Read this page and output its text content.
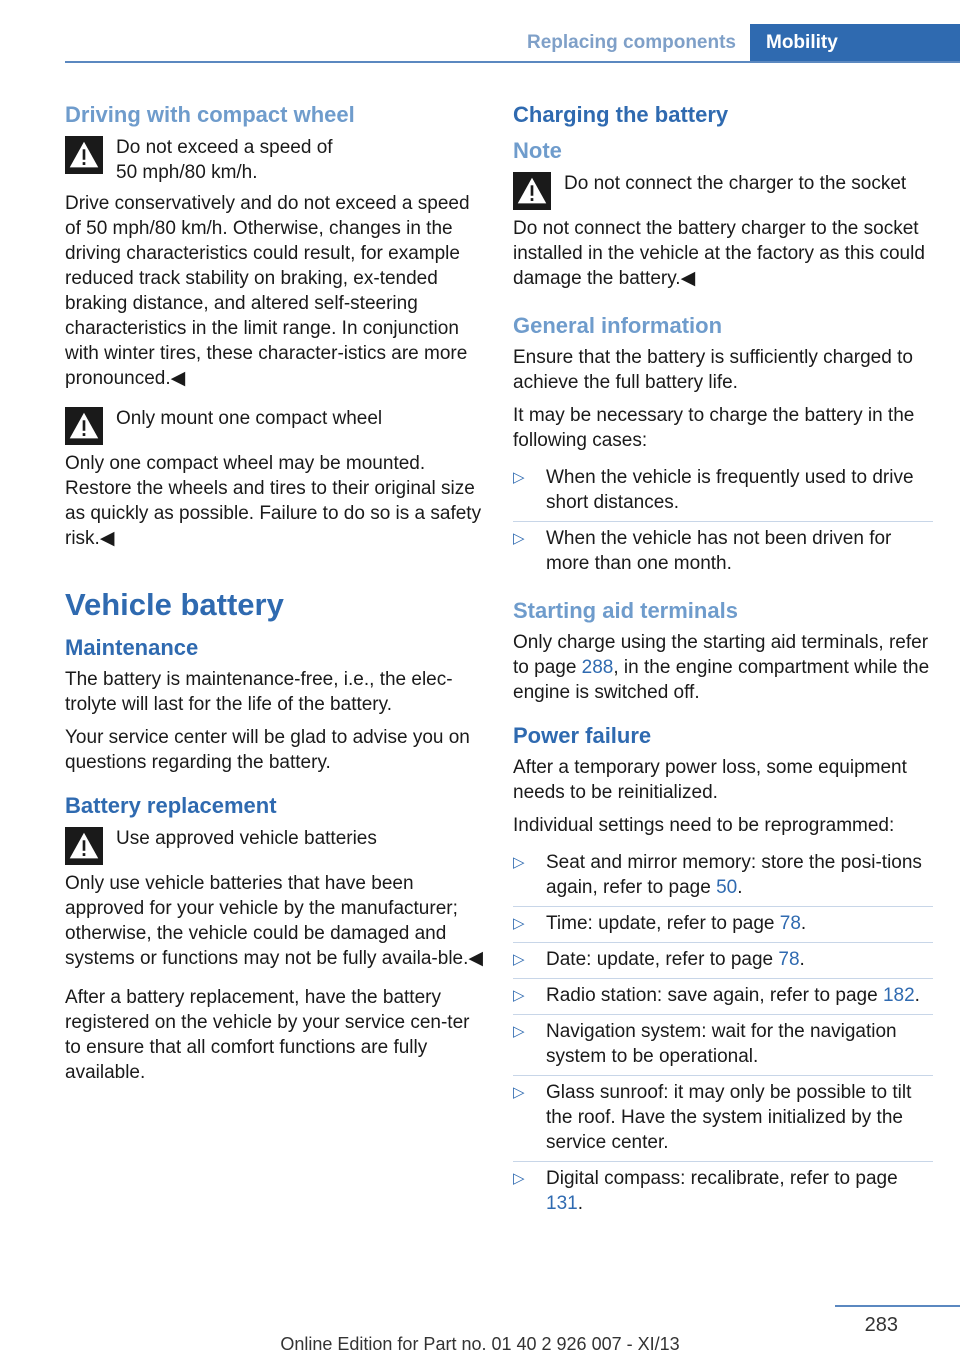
Replacing components	Mobility
Driving with compact wheel
Do not exceed a speed of 50 mph/80 km/h.
Drive conservatively and do not exceed a speed of 50 mph/80 km/h. Otherwise, changes in the driving characteristics could result, for example reduced track stability on braking, ex-tended braking distance, and altered self-steering characteristics in the limit range. In conjunction with winter tires, these character-istics are more pronounced.◀
Only mount one compact wheel
Only one compact wheel may be mounted. Restore the wheels and tires to their original size as quickly as possible. Failure to do so is a safety risk.◀
Vehicle battery
Maintenance

The battery is maintenance-free, i.e., the elec-trolyte will last for the life of the battery.

Your service center will be glad to advise you on questions regarding the battery.

Battery replacement
Use approved vehicle batteries
Only use vehicle batteries that have been approved for your vehicle by the manufacturer; otherwise, the vehicle could be damaged and systems or functions may not be fully availa-ble.◀

After a battery replacement, have the battery registered on the vehicle by your service cen-ter to ensure that all comfort functions are fully available.

Charging the battery
Note
Do not connect the charger to the socket
Do not connect the battery charger to the socket installed in the vehicle at the factory as this could damage the battery.◀
General information

Ensure that the battery is sufficiently charged to achieve the full battery life.

It may be necessary to charge the battery in the following cases:

▷	When the vehicle is frequently used to drive short distances.
▷	When the vehicle has not been driven for more than one month.
Starting aid terminals

Only charge using the starting aid terminals, refer to page 288, in the engine compartment while the engine is switched off.

Power failure

After a temporary power loss, some equipment needs to be reinitialized.

Individual settings need to be reprogrammed:

▷	Seat and mirror memory: store the posi-tions again, refer to page 50.
▷	Time: update, refer to page 78.
▷	Date: update, refer to page 78.
▷	Radio station: save again, refer to page 182.
▷	Navigation system: wait for the navigation system to be operational.
▷	Glass sunroof: it may only be possible to tilt the roof. Have the system initialized by the service center.
▷	Digital compass: recalibrate, refer to page 131.
283
Online Edition for Part no. 01 40 2 926 007 - XI/13
